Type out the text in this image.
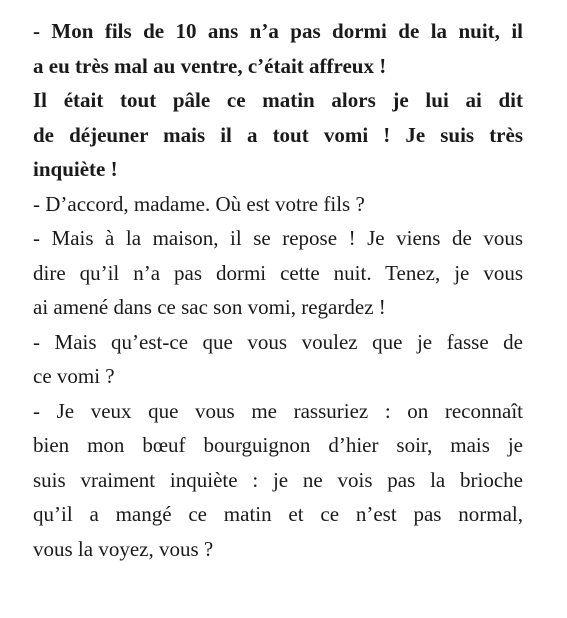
- Mon fils de 10 ans n’a pas dormi de la nuit, il
a eu très mal au ventre, c’était affreux !
Il était tout pâle ce matin alors je lui ai dit
de déjeuner mais il a tout vomi ! Je suis très
inquiète !
- D’accord, madame. Où est votre fils ?
- Mais à la maison, il se repose ! Je viens de vous
dire qu’il n’a pas dormi cette nuit. Tenez, je vous
ai amené dans ce sac son vomi, regardez !
- Mais qu’est-ce que vous voulez que je fasse de
ce vomi ?
- Je veux que vous me rassuriez : on reconnaît
bien mon bœuf bourguignon d’hier soir, mais je
suis vraiment inquiète : je ne vois pas la brioche
qu’il a mangé ce matin et ce n’est pas normal,
vous la voyez, vous ?
